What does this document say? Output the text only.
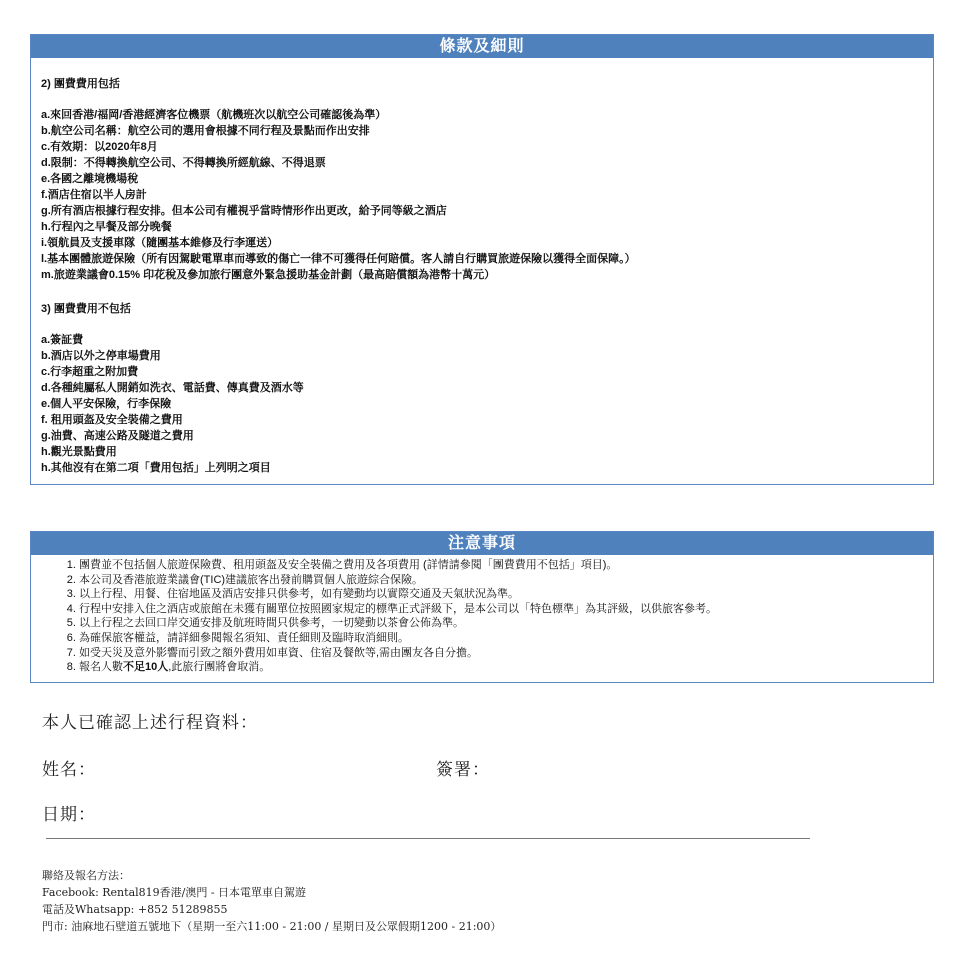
條款及細則
2) 團費費用包括
a.來回香港/福岡/香港經濟客位機票（航機班次以航空公司確認後為準）
b.航空公司名稱：航空公司的選用會根據不同行程及景點而作出安排
c.有效期：以2020年8月
d.限制：不得轉換航空公司、不得轉換所經航線、不得退票
e.各國之離境機場稅
f.酒店住宿以半人房計
g.所有酒店根據行程安排。但本公司有權視乎當時情形作出更改，給予同等級之酒店
h.行程內之早餐及部分晚餐
i.領航員及支援車隊（隨團基本維修及行李運送）
l.基本團體旅遊保險（所有因駕駛電單車而導致的傷亡一律不可獲得任何賠償。客人請自行購買旅遊保險以獲得全面保障。）
m.旅遊業議會0.15% 印花稅及參加旅行團意外緊急援助基金計劃（最高賠償額為港幣十萬元）
3) 團費費用不包括
a.簽証費
b.酒店以外之停車場費用
c.行李超重之附加費
d.各種純屬私人開銷如洗衣、電話費、傳真費及酒水等
e.個人平安保險，行李保險
f. 租用頭盔及安全裝備之費用
g.油費、高速公路及隧道之費用
h.觀光景點費用
h.其他沒有在第二項「費用包括」上列明之項目
注意事項
1. 團費並不包括個人旅遊保險費、租用頭盔及安全裝備之費用及各項費用 (詳情請參閱「團費費用不包括」項目)。
2. 本公司及香港旅遊業議會(TIC)建議旅客出發前購買個人旅遊綜合保險。
3. 以上行程、用餐、住宿地區及酒店安排只供參考，如有變動均以實際交通及天氣狀況為準。
4. 行程中安排入住之酒店或旅館在未獲有關單位按照國家規定的標準正式評級下，是本公司以「特色標準」為其評級，以供旅客參考。
5. 以上行程之去回口岸交通安排及航班時間只供參考，一切變動以茶會公佈為準。
6. 為確保旅客權益，請詳細參閱報名須知、責任細則及臨時取消細則。
7. 如受天災及意外影響而引致之額外費用如車資、住宿及餐飲等,需由團友各自分擔。
8. 報名人數不足10人,此旅行團將會取消。
本人已確認上述行程資料：
姓名：	簽署：
日期：
聯絡及報名方法：
Facebook: Rental819香港/澳門 - 日本電單車自駕遊
電話及Whatsapp: +852 51289855
門市: 油麻地石壁道五號地下（星期一至六11:00 - 21:00 / 星期日及公眾假期1200 - 21:00）
